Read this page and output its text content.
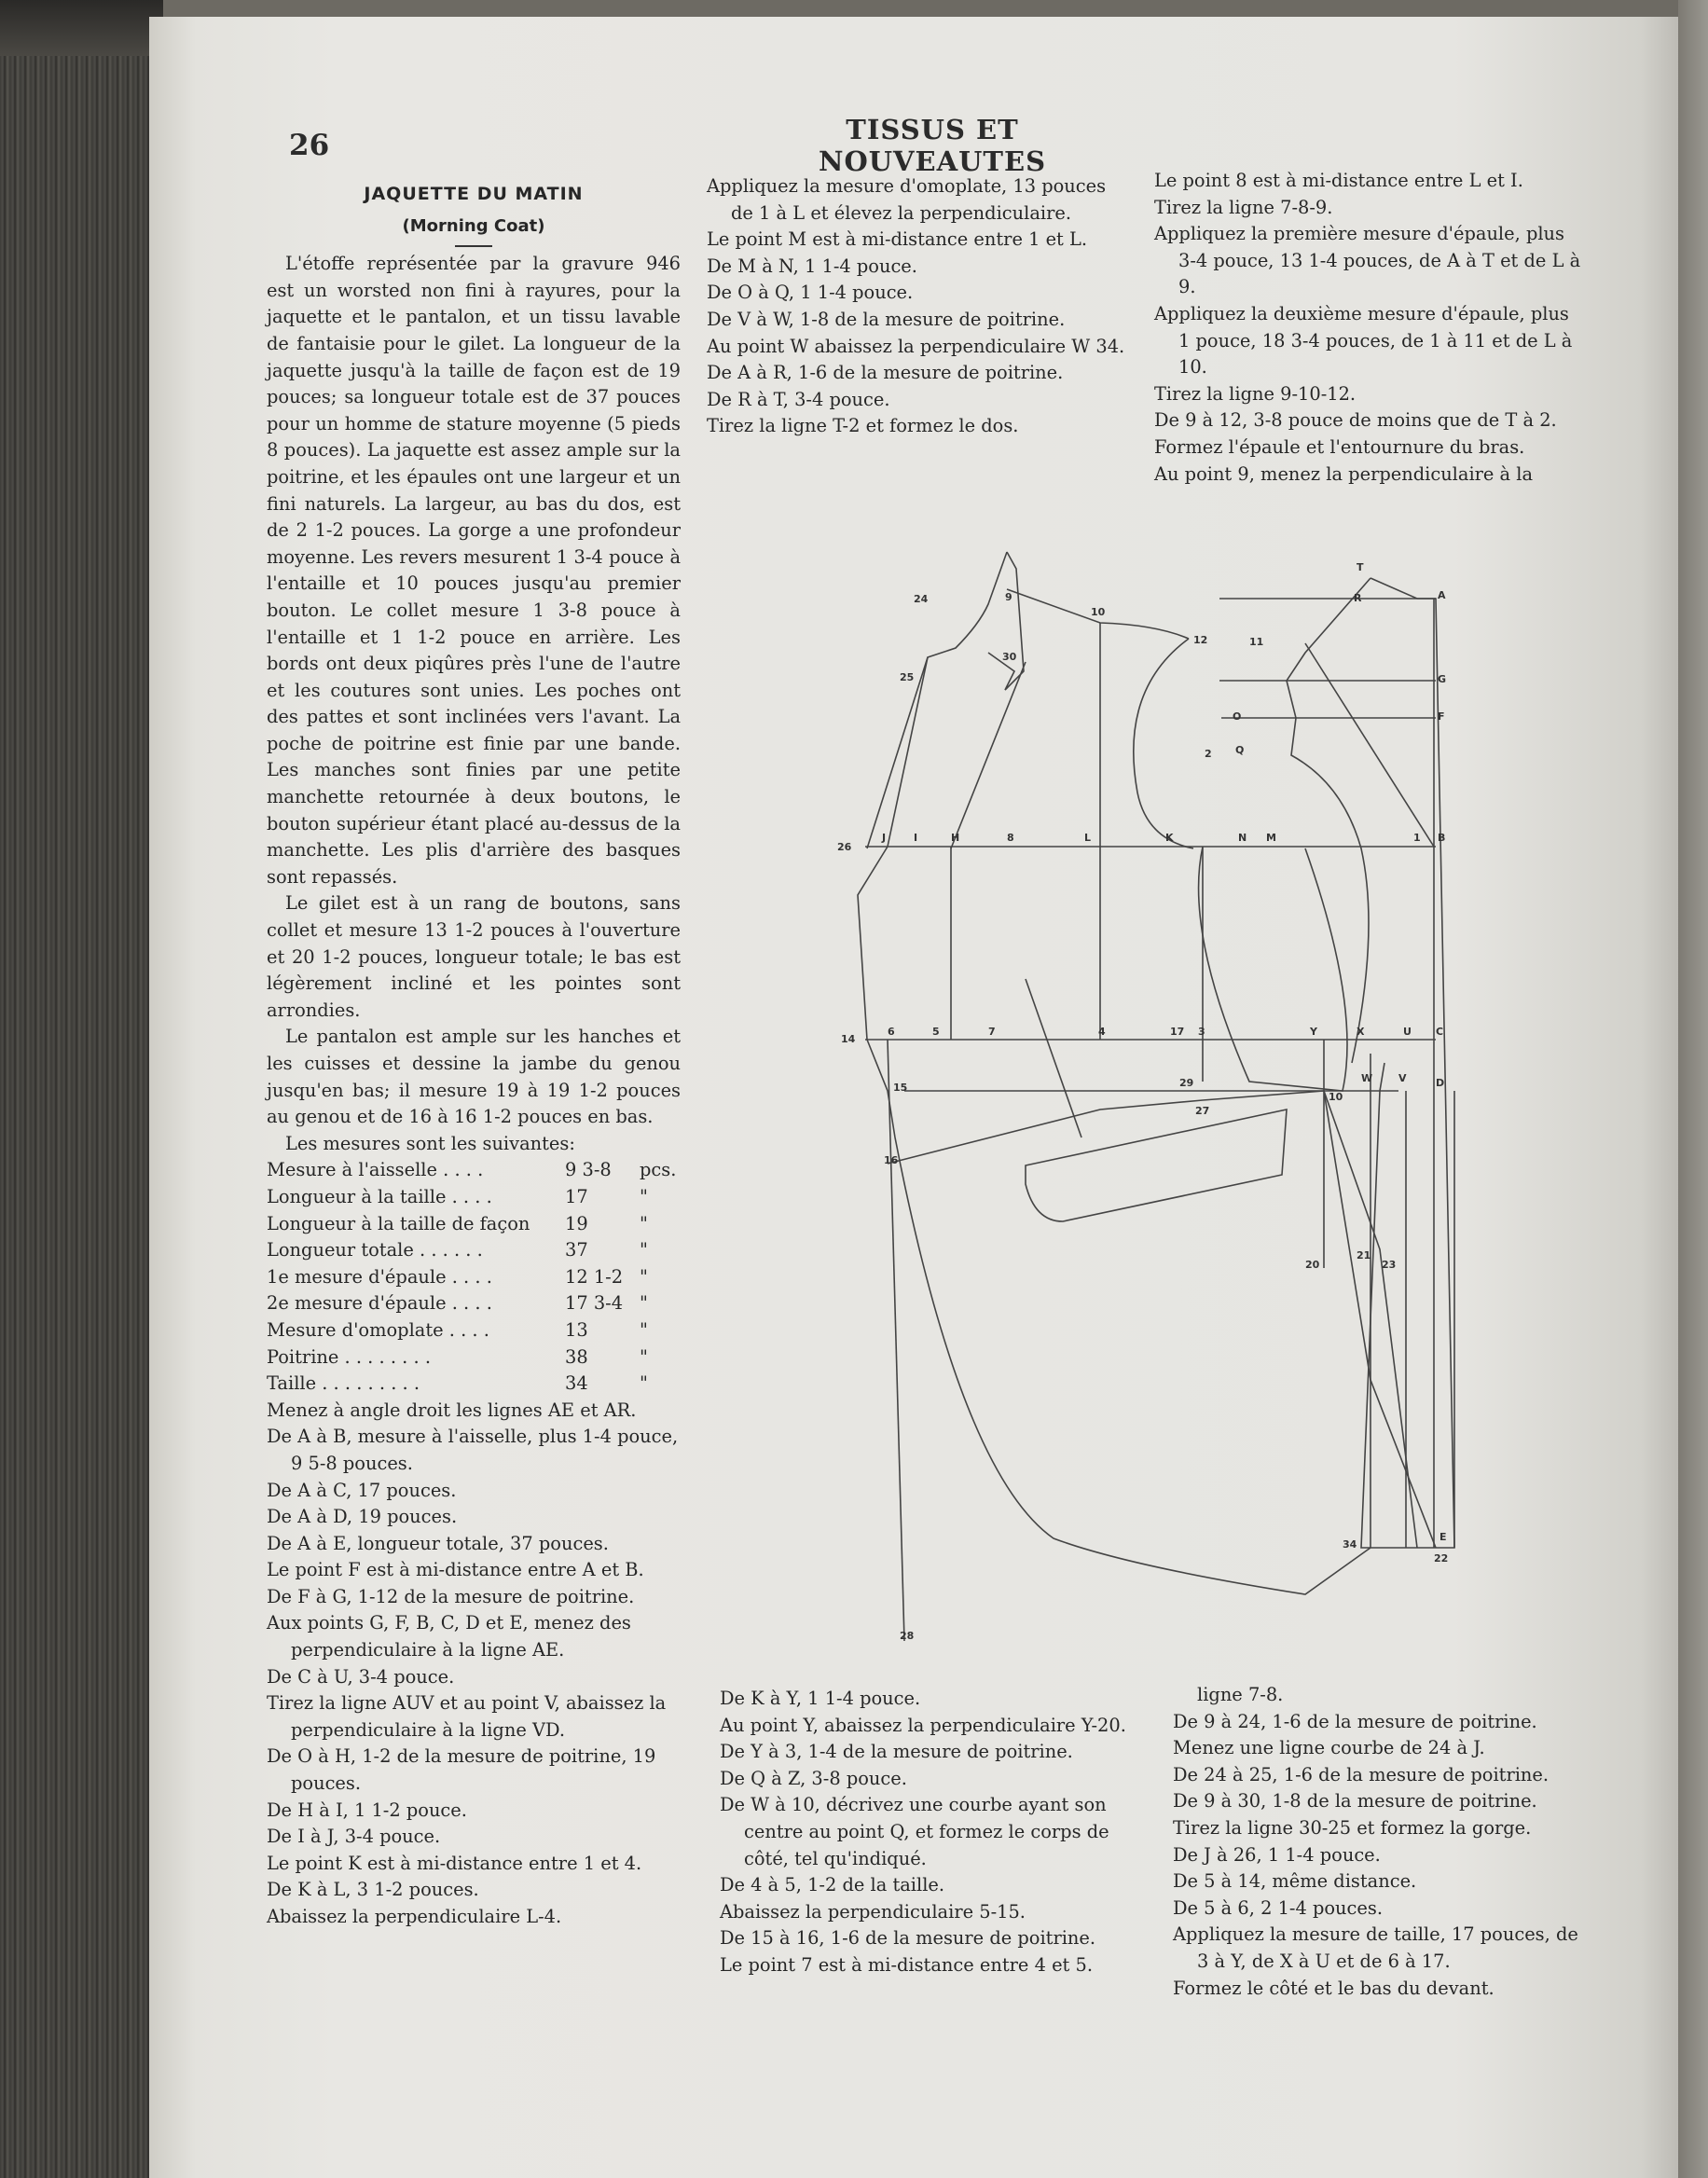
26	TISSUS ET NOUVEAUTES
JAQUETTE DU MATIN
(Morning Coat)

L'étoffe représentée par la gravure 946 est un worsted non fini à rayures, pour la jaquette et le pantalon, et un tissu lavable de fantaisie pour le gilet. La longueur de la jaquette jusqu'à la taille de façon est de 19 pouces; sa longueur totale est de 37 pouces pour un homme de stature moyenne (5 pieds 8 pouces). La jaquette est assez ample sur la poitrine, et les épaules ont une largeur et un fini naturels. La largeur, au bas du dos, est de 2 1-2 pouces. La gorge a une profondeur moyenne. Les revers mesurent 1 3-4 pouce à l'entaille et 10 pouces jusqu'au premier bouton. Le collet mesure 1 3-8 pouce à l'entaille et 1 1-2 pouce en arrière. Les bords ont deux piqûres près l'une de l'autre et les coutures sont unies. Les poches ont des pattes et sont inclinées vers l'avant. La poche de poitrine est finie par une bande. Les manches sont finies par une petite manchette retournée à deux boutons, le bouton supérieur étant placé au-dessus de la manchette. Les plis d'arrière des basques sont repassés.

Le gilet est à un rang de boutons, sans collet et mesure 13 1-2 pouces à l'ouverture et 20 1-2 pouces, longueur totale; le bas est légèrement incliné et les pointes sont arrondies.

Le pantalon est ample sur les hanches et les cuisses et dessine la jambe du genou jusqu'en bas; il mesure 19 à 19 1-2 pouces au genou et de 16 à 16 1-2 pouces en bas.

Les mesures sont les suivantes:

Mesure à l'aisselle . . . .	9 3-8	pcs.
Longueur à la taille . . . .	17	"
Longueur à la taille de façon	19	"
Longueur totale . . . . . .	37	"
1e mesure d'épaule . . . .	12 1-2 "
2e mesure d'épaule . . . .	17 3-4 "
Mesure d'omoplate . . . .	13	"
Poitrine . . . . . . . .	38	"
Taille . . . . . . . . .	34	"

Menez à angle droit les lignes AE et AR.

De A à B, mesure à l'aisselle, plus 1-4 pouce, 9 5-8 pouces.

De A à C, 17 pouces.

De A à D, 19 pouces.

De A à E, longueur totale, 37 pouces.

Le point F est à mi-distance entre A et B.

De F à G, 1-12 de la mesure de poitrine.

Aux points G, F, B, C, D et E, menez des perpendiculaire à la ligne AE.

De C à U, 3-4 pouce.

Tirez la ligne AUV et au point V, abaissez la perpendiculaire à la ligne VD.

De O à H, 1-2 de la mesure de poitrine, 19 pouces.

De H à I, 1 1-2 pouce.

De I à J, 3-4 pouce.

Le point K est à mi-distance entre 1 et 4.

De K à L, 3 1-2 pouces.

Abaissez la perpendiculaire L-4.

Appliquez la mesure d'omoplate, 13 pouces de 1 à L et élevez la perpendiculaire.

Le point M est à mi-distance entre 1 et L.

De M à N, 1 1-4 pouce.

De O à Q, 1 1-4 pouce.

De V à W, 1-8 de la mesure de poitrine.

Au point W abaissez la perpendiculaire W 34.

De A à R, 1-6 de la mesure de poitrine.

De R à T, 3-4 pouce.

Tirez la ligne T-2 et formez le dos.

Le point 8 est à mi-distance entre L et I.

Tirez la ligne 7-8-9.

Appliquez la première mesure d'épaule, plus 3-4 pouce, 13 1-4 pouces, de A à T et de L à 9.

Appliquez la deuxième mesure d'épaule, plus 1 pouce, 18 3-4 pouces, de 1 à 11 et de L à 10.

Tirez la ligne 9-10-12.

De 9 à 12, 3-8 pouce de moins que de T à 2.

Formez l'épaule et l'entournure du bras.

Au point 9, menez la perpendiculaire à la

T
R	A
G
F
O
Q
2
11
1 B
N M
Y	X	U C
W	V	D
10
20
21
23
34
22
E
24	9
10
12
25
30
26
J	I	H	8	L	K
14
6	5	7	4	17 3
15	29
27
16
28

De K à Y, 1 1-4 pouce.

Au point Y, abaissez la perpendiculaire Y-20.

De Y à 3, 1-4 de la mesure de poitrine.

De Q à Z, 3-8 pouce.

De W à 10, décrivez une courbe ayant son centre au point Q, et formez le corps de côté, tel qu'indiqué.

De 4 à 5, 1-2 de la taille.

Abaissez la perpendiculaire 5-15.

De 15 à 16, 1-6 de la mesure de poitrine.

Le point 7 est à mi-distance entre 4 et 5.

ligne 7-8.

De 9 à 24, 1-6 de la mesure de poitrine.

Menez une ligne courbe de 24 à J.

De 24 à 25, 1-6 de la mesure de poitrine.

De 9 à 30, 1-8 de la mesure de poitrine.

Tirez la ligne 30-25 et formez la gorge.

De J à 26, 1 1-4 pouce.

De 5 à 14, même distance.

De 5 à 6, 2 1-4 pouces.

Appliquez la mesure de taille, 17 pouces, de 3 à Y, de X à U et de 6 à 17.

Formez le côté et le bas du devant.
